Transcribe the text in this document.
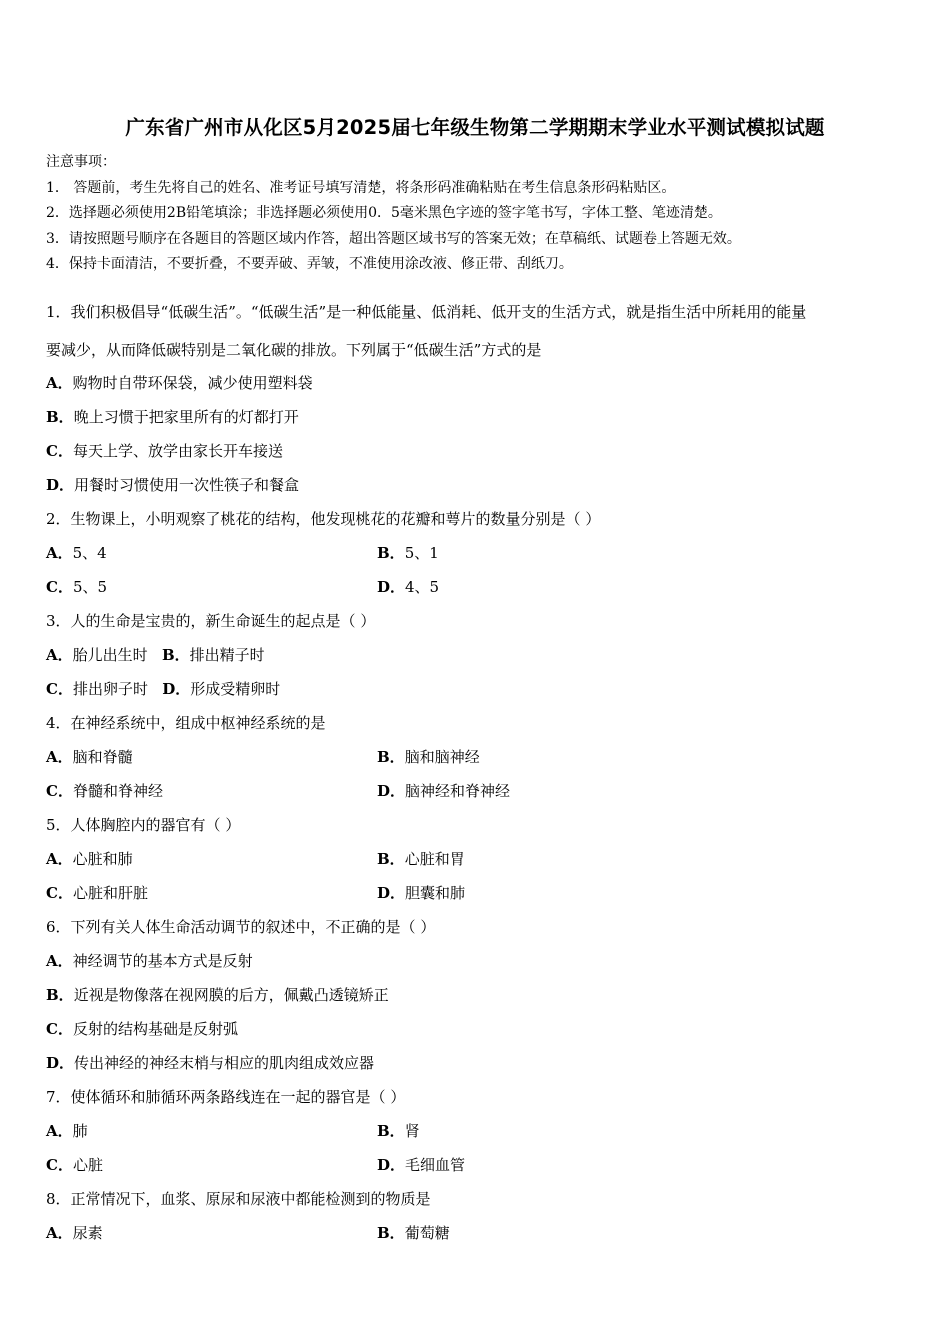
广东省广州市从化区5月2025届七年级生物第二学期期末学业水平测试模拟试题
注意事项：
1． 答题前，考生先将自己的姓名、准考证号填写清楚，将条形码准确粘贴在考生信息条形码粘贴区。
2．选择题必须使用2B铅笔填涂；非选择题必须使用0．5毫米黑色字迹的签字笔书写，字体工整、笔迹清楚。
3．请按照题号顺序在各题目的答题区域内作答，超出答题区域书写的答案无效；在草稿纸、试题卷上答题无效。
4．保持卡面清洁，不要折叠，不要弄破、弄皱，不准使用涂改液、修正带、刮纸刀。
1．我们积极倡导“低碳生活”。“低碳生活”是一种低能量、低消耗、低开支的生活方式，就是指生活中所耗用的能量
要减少，从而降低碳特别是二氧化碳的排放。下列属于“低碳生活”方式的是
A．购物时自带环保袋，减少使用塑料袋
B．晚上习惯于把家里所有的灯都打开
C．每天上学、放学由家长开车接送
D．用餐时习惯使用一次性筷子和餐盒
2．生物课上，小明观察了桃花的结构，他发现桃花的花瓣和萼片的数量分别是（ ）
A．5、4	B．5、1
C．5、5	D．4、5
3．人的生命是宝贵的，新生命诞生的起点是（ ）
A．胎儿出生时 B．排出精子时
C．排出卵子时 D．形成受精卵时
4．在神经系统中，组成中枢神经系统的是
A．脑和脊髓	B．脑和脑神经
C．脊髓和脊神经	D．脑神经和脊神经
5．人体胸腔内的器官有（ ）
A．心脏和肺	B．心脏和胃
C．心脏和肝脏	D．胆囊和肺
6．下列有关人体生命活动调节的叙述中，不正确的是（ ）
A．神经调节的基本方式是反射
B．近视是物像落在视网膜的后方，佩戴凸透镜矫正
C．反射的结构基础是反射弧
D．传出神经的神经末梢与相应的肌肉组成效应器
7．使体循环和肺循环两条路线连在一起的器官是（ ）
A．肺	B．肾
C．心脏	D．毛细血管
8．正常情况下，血浆、原尿和尿液中都能检测到的物质是
A．尿素	B．葡萄糖
